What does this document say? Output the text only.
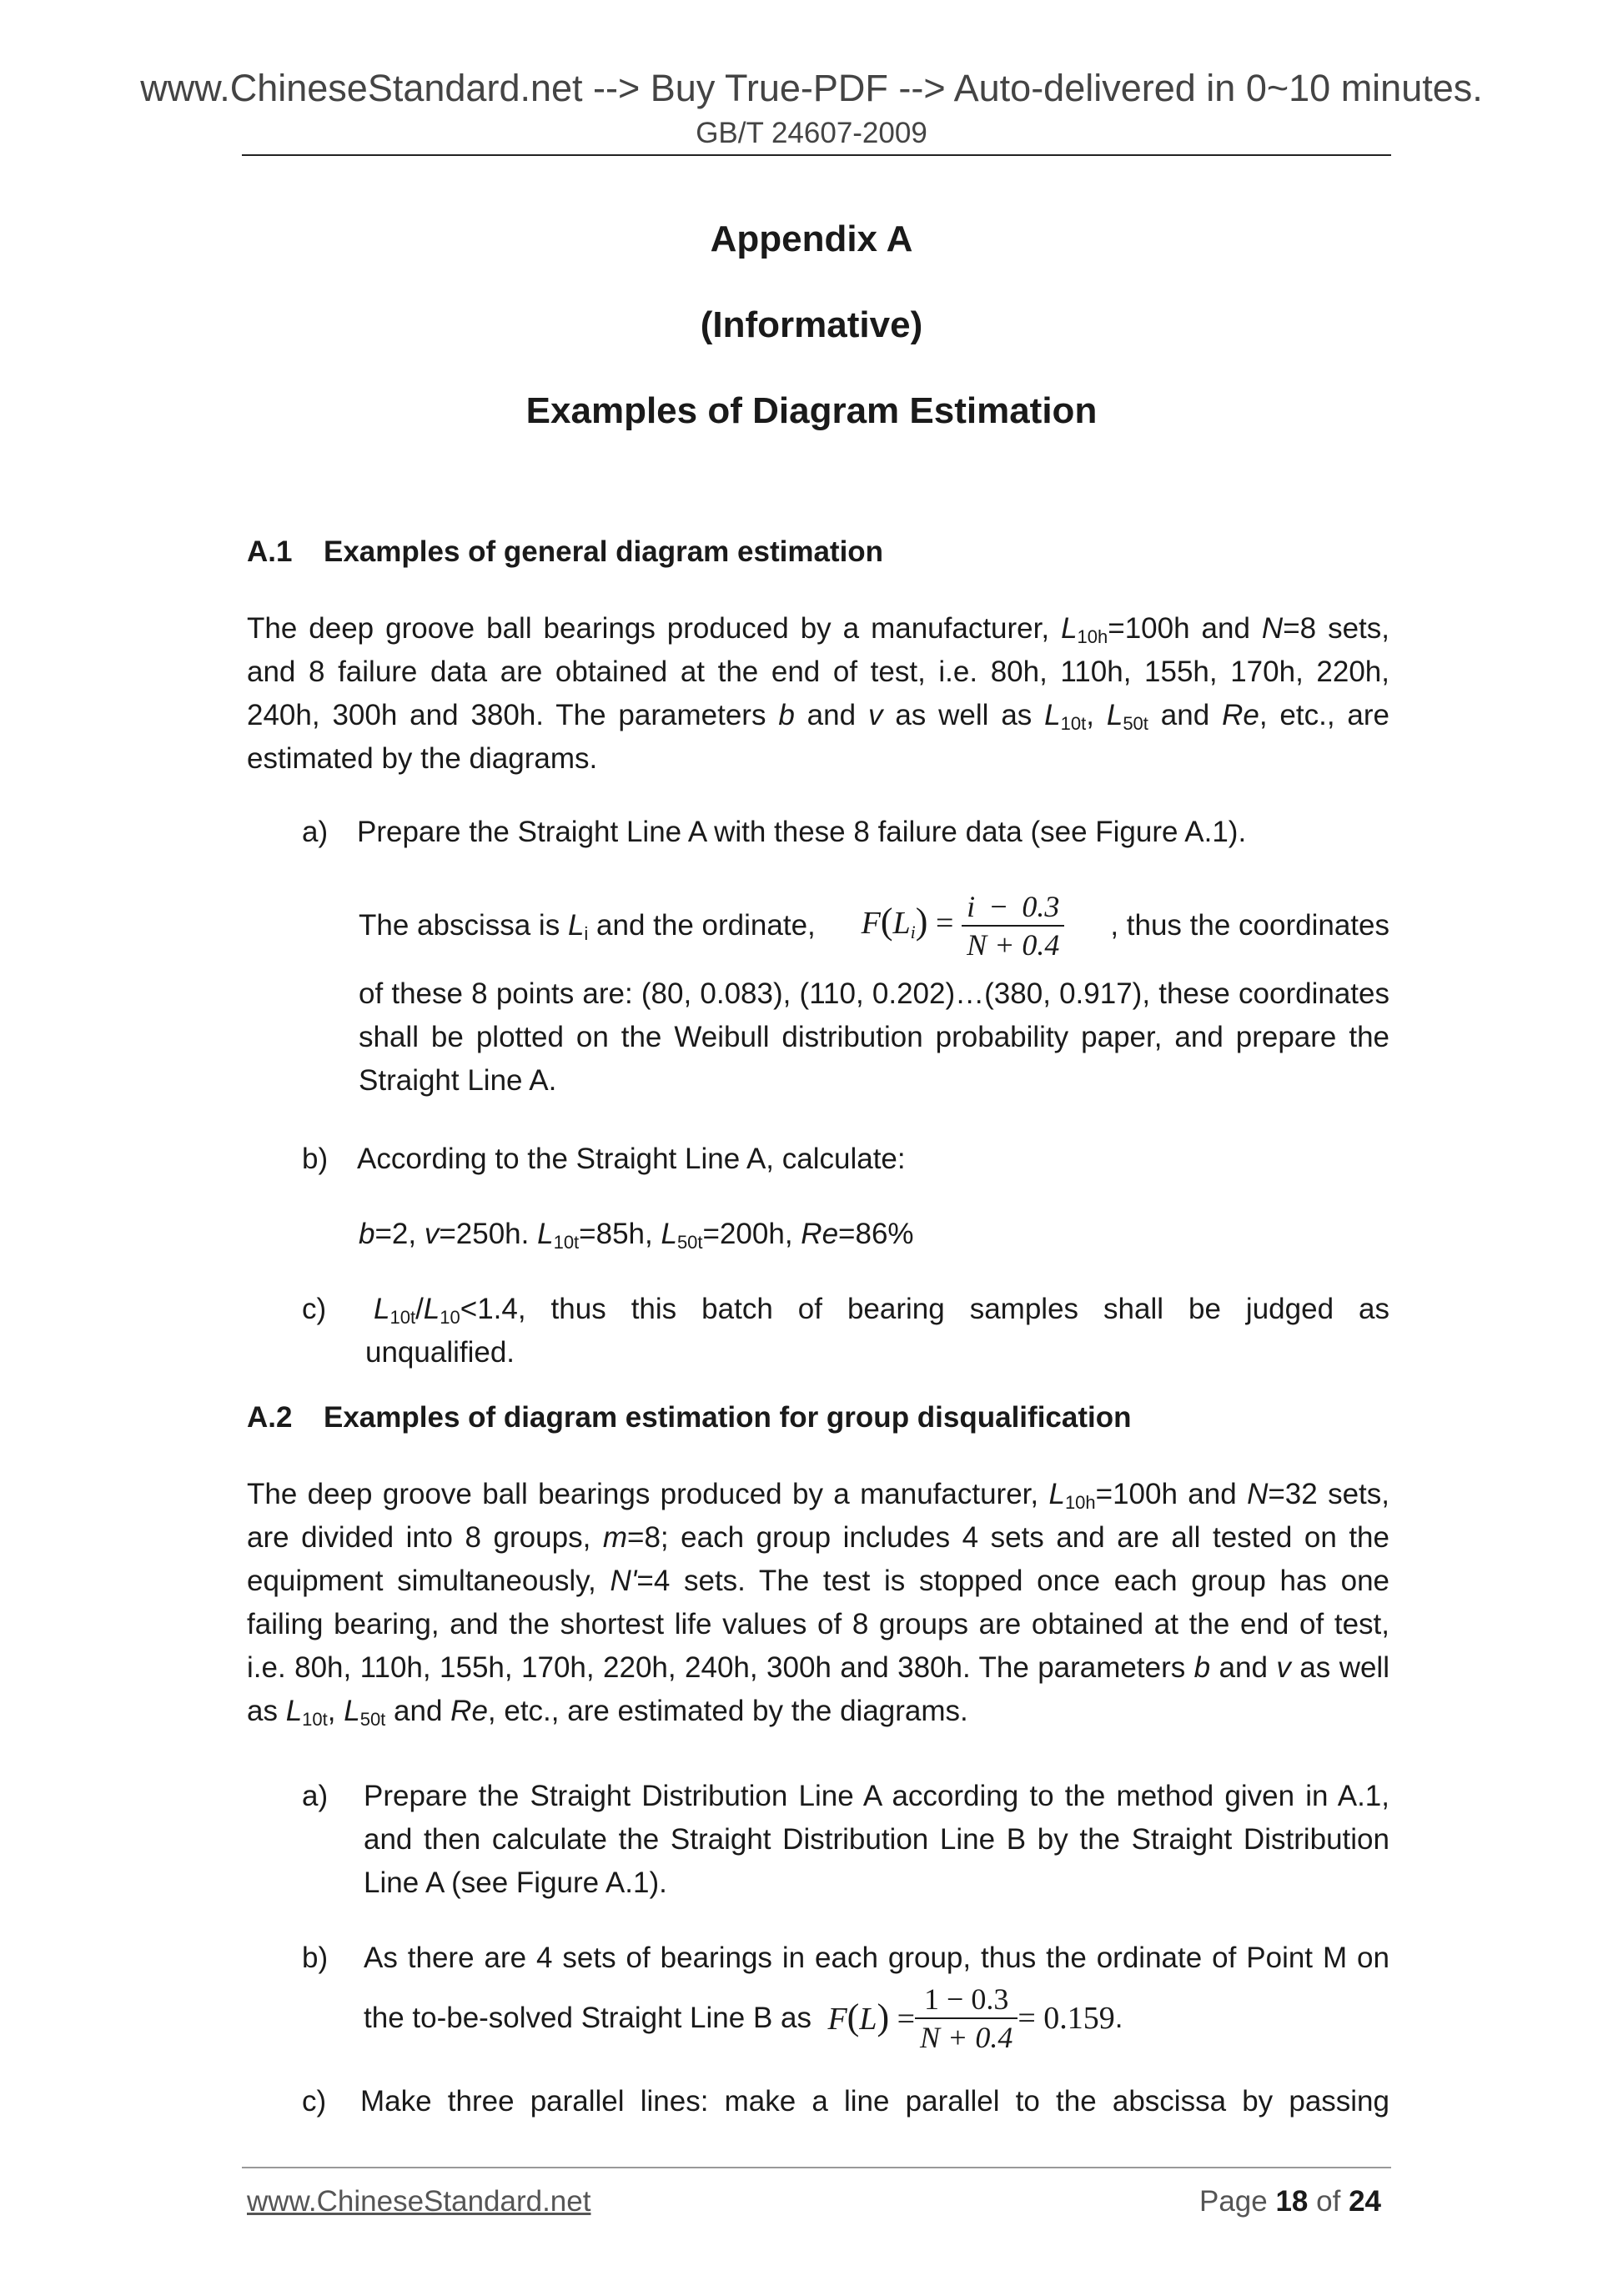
www.ChineseStandard.net --> Buy True-PDF --> Auto-delivered in 0~10 minutes.
GB/T 24607-2009
Appendix A
(Informative)
Examples of Diagram Estimation
A.1 Examples of general diagram estimation
The deep groove ball bearings produced by a manufacturer, $L_{10h}=100h$ and N=8 sets, and 8 failure data are obtained at the end of test, i.e. 80h, 110h, 155h, 170h, 220h, 240h, 300h and 380h. The parameters b and v as well as $L_{10t}$, $L_{50t}$ and Re, etc., are estimated by the diagrams.
a) Prepare the Straight Line A with these 8 failure data (see Figure A.1).
The abscissa is $L_i$ and the ordinate, $F(L_i) = \frac{i - 0.3}{N + 0.4}$ , thus the coordinates
of these 8 points are: (80, 0.083), (110, 0.202)…(380, 0.917), these coordinates shall be plotted on the Weibull distribution probability paper, and prepare the Straight Line A.
b) According to the Straight Line A, calculate:
b=2, v=250h. $L_{10t}=85h$, $L_{50t}=200h$, Re=86%
c) $L_{10t}/L_{10}<1.4$, thus this batch of bearing samples shall be judged as
unqualified.
A.2 Examples of diagram estimation for group disqualification
The deep groove ball bearings produced by a manufacturer, $L_{10h}=100h$ and N=32 sets, are divided into 8 groups, m=8; each group includes 4 sets and are all tested on the equipment simultaneously, N'=4 sets. The test is stopped once each group has one failing bearing, and the shortest life values of 8 groups are obtained at the end of test, i.e. 80h, 110h, 155h, 170h, 220h, 240h, 300h and 380h. The parameters b and v as well as $L_{10t}$, $L_{50t}$ and Re, etc., are estimated by the diagrams.
a) Prepare the Straight Distribution Line A according to the method given in A.1, and then calculate the Straight Distribution Line B by the Straight Distribution Line A (see Figure A.1).
b) As there are 4 sets of bearings in each group, thus the ordinate of Point M on
the to-be-solved Straight Line B as
$F(L) = \frac{1 - 0.3}{N + 0.4} = 0.159$ .
c) Make three parallel lines: make a line parallel to the abscissa by passing
www.ChineseStandard.net	Page 18 of 24
